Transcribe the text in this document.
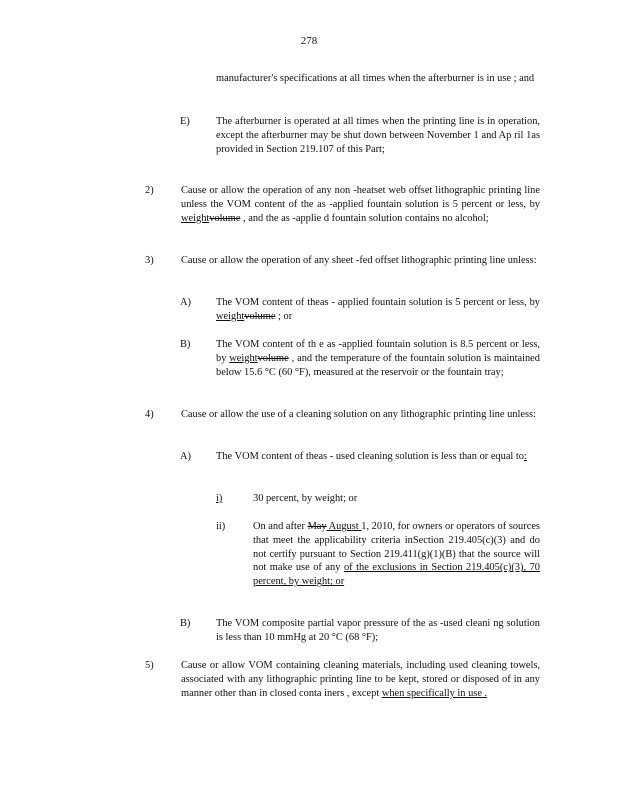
278
manufacturer's specifications at all times when the afterburner is in use ; and
E)	The afterburner is operated at all times when the printing line is in operation, except the afterburner may be shut down between November 1 and Ap ril 1as provided in Section 219.107 of this Part;
2)	Cause or allow the operation of any non -heatset web offset lithographic printing line unless the VOM content of the as -applied fountain solution is 5 percent or less, by weightvolume , and the as -applie d fountain solution contains no alcohol;
3)	Cause or allow the operation of any sheet -fed offset lithographic printing line unless:
A) The VOM content of theas - applied fountain solution is 5 percent or less, by weightvolume ; or
B) The VOM content of th e as -applied fountain solution is 8.5 percent or less, by weightvolume , and the temperature of the fountain solution is maintained below 15.6 °C (60 °F), measured at the reservoir or the fountain tray;
4)	Cause or allow the use of a cleaning solution on any lithographic printing line unless:
A) The VOM content of theas - used cleaning solution is less than or equal to:
i)	30 percent, by weight; or
ii)	On and after May August 1, 2010, for owners or operators of sources that meet the applicability criteria inSection 219.405(c)(3) and do not certify pursuant to Section 219.411(g)(1)(B) that the source will not make use of any of the exclusions in Section 219.405(c)(3), 70 percent, by weight; or
B) The VOM composite partial vapor pressure of the as -used cleani ng solution is less than 10 mmHg at 20 °C (68 °F);
5)	Cause or allow VOM containing cleaning materials, including used cleaning towels, associated with any lithographic printing line to be kept, stored or disposed of in any manner other than in closed conta iners , except when specifically in use .
